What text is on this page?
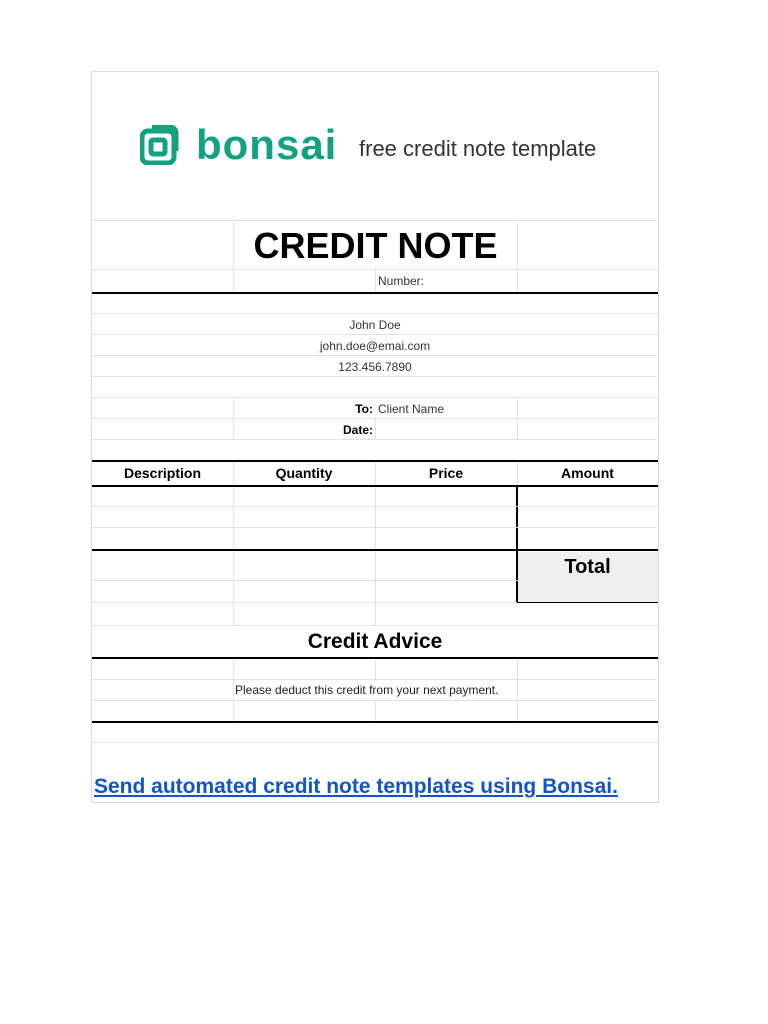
bonsai free credit note template
CREDIT NOTE
Number:
John Doe
john.doe@emai.com
123.456.7890
To: Client Name
Date:
Description	Quantity	Price	Amount
Total
Credit Advice
Please deduct this credit from your next payment.
Send automated credit note templates using Bonsai.
